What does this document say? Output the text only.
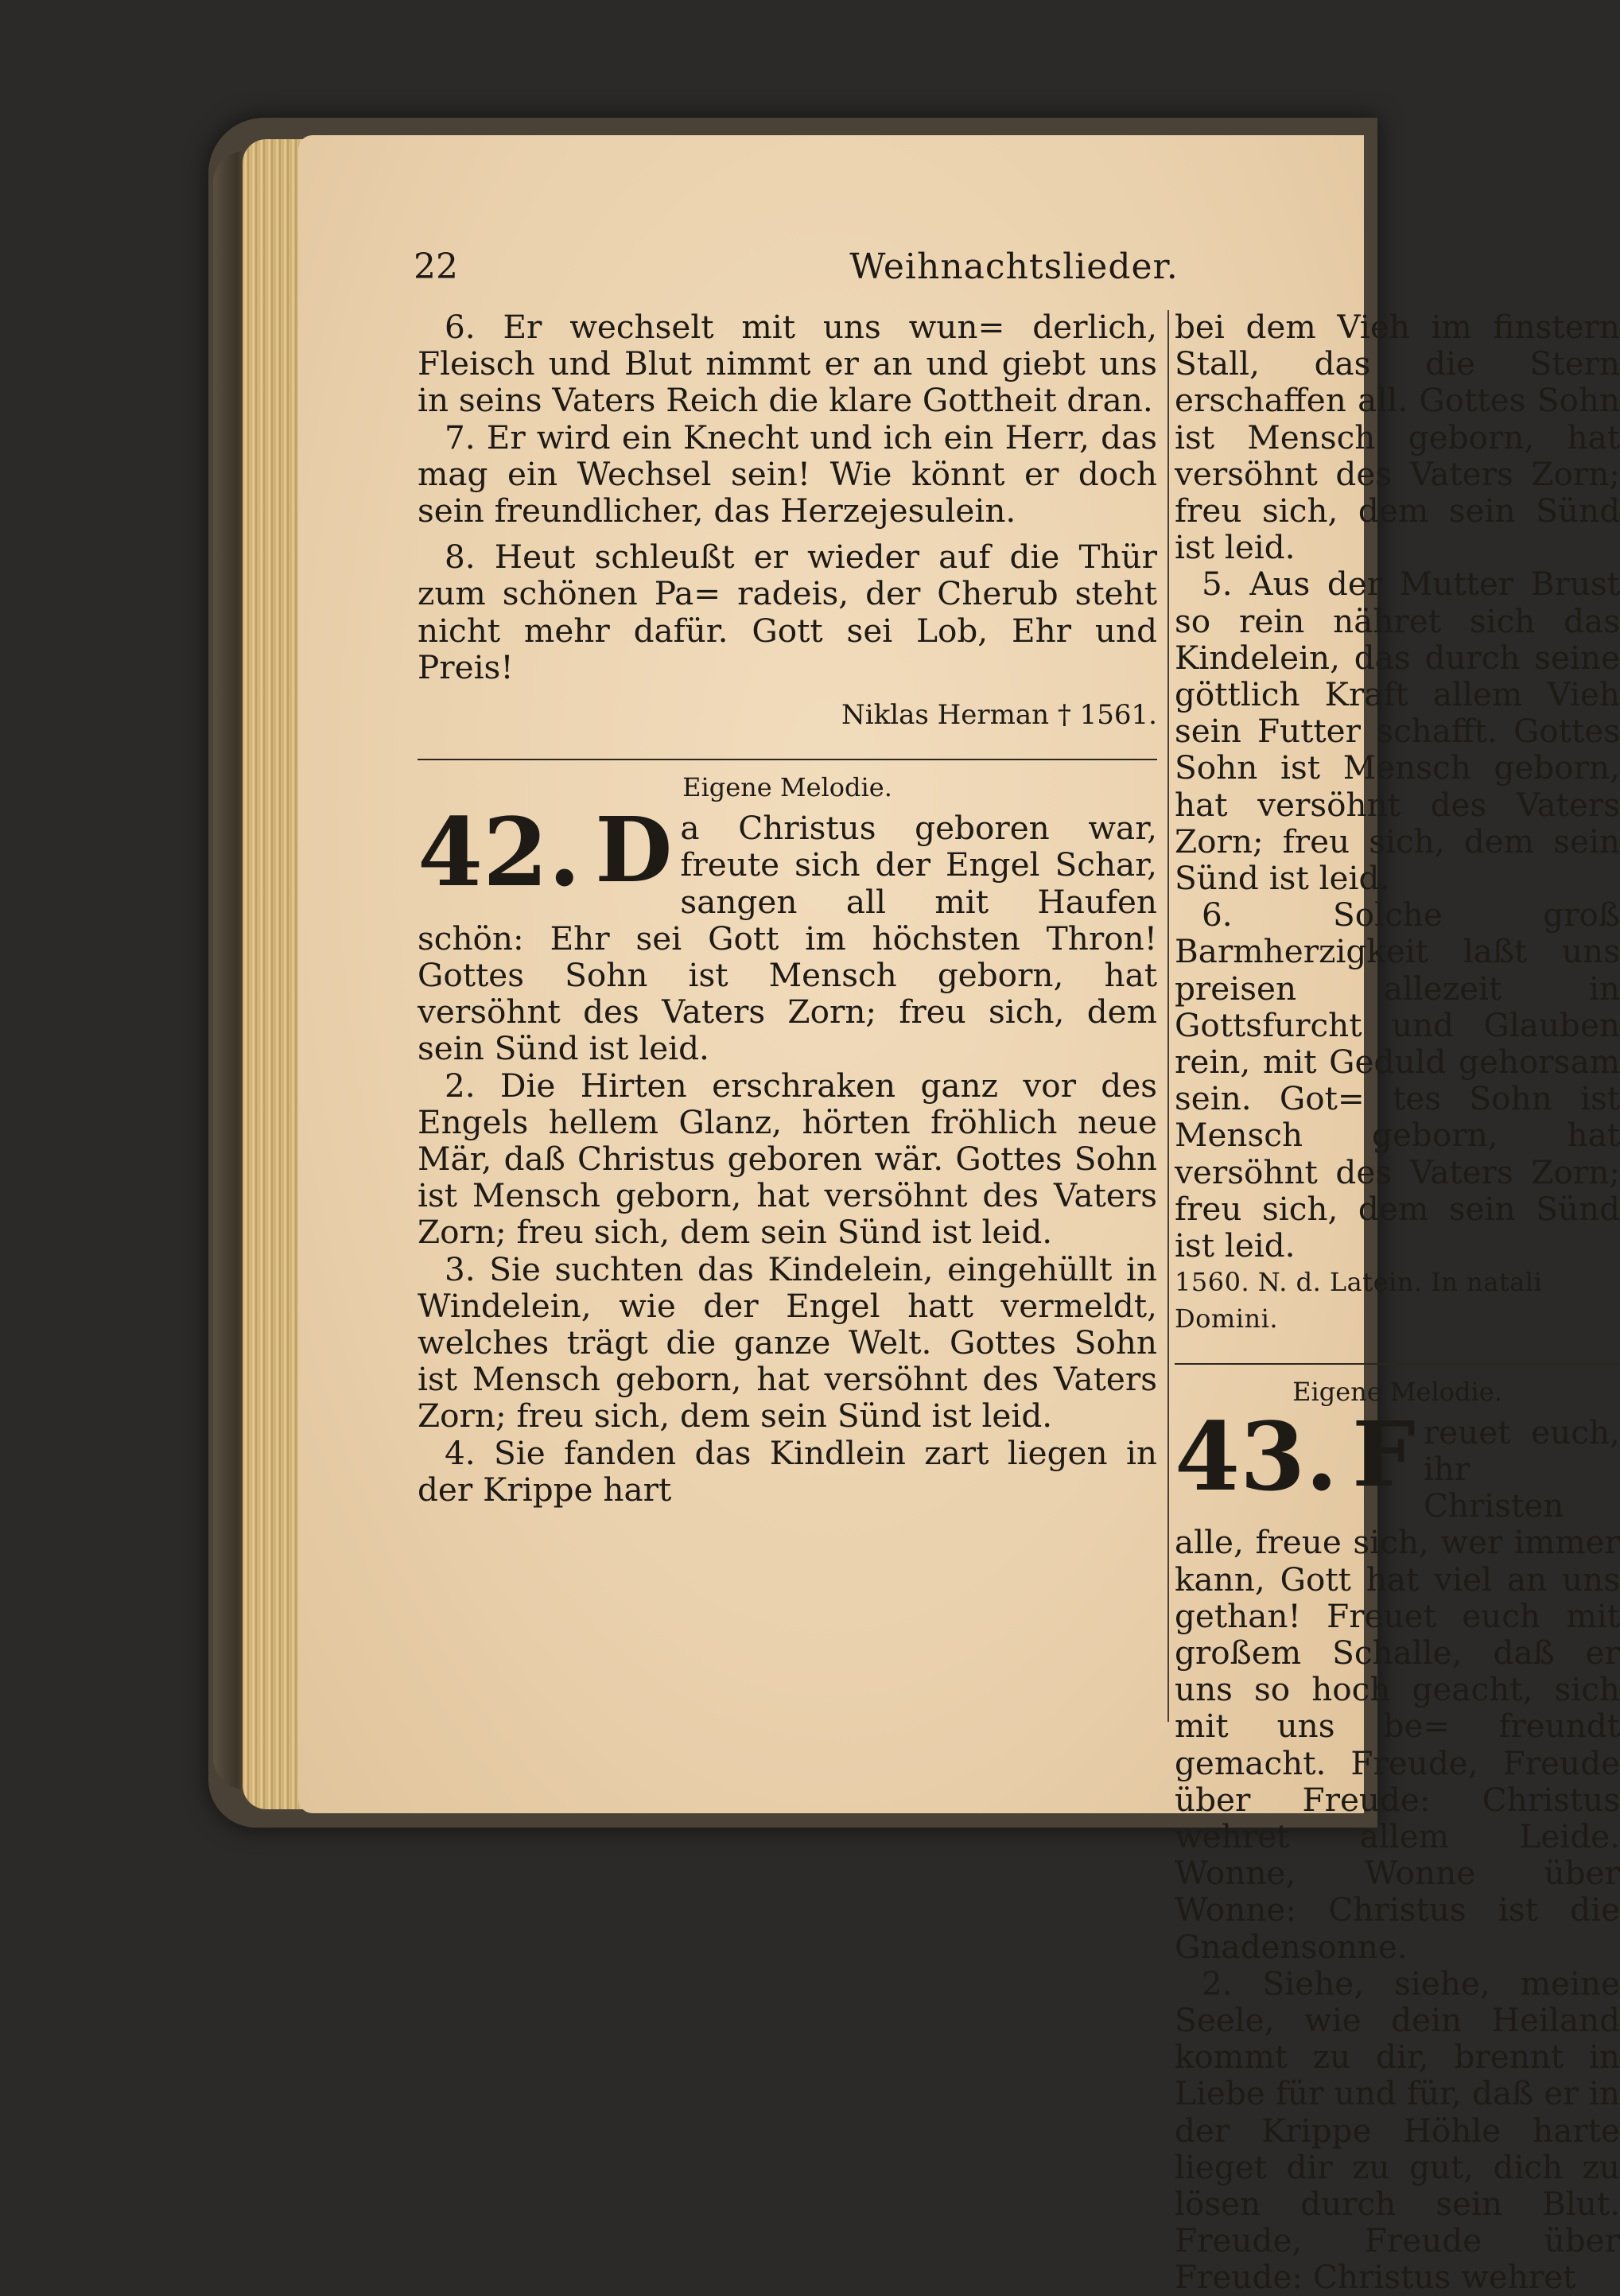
22	Weihnachtslieder.

6. Er wechselt mit uns wun= derlich, Fleisch und Blut nimmt er an und giebt uns in seins Vaters Reich die klare Gottheit dran.

7. Er wird ein Knecht und ich ein Herr, das mag ein Wechsel sein! Wie könnt er doch sein freundlicher, das Herzejesulein.

8. Heut schleußt er wieder auf die Thür zum schönen Pa= radeis, der Cherub steht nicht mehr dafür. Gott sei Lob, Ehr und Preis!

Niklas Herman † 1561.

Eigene Melodie.

42. D a Christus geboren war, freute sich der Engel Schar, sangen all mit Haufen schön: Ehr sei Gott im höchsten Thron! Gottes Sohn ist Mensch geborn, hat versöhnt des Vaters Zorn; freu sich, dem sein Sünd ist leid.

2. Die Hirten erschraken ganz vor des Engels hellem Glanz, hörten fröhlich neue Mär, daß Christus geboren wär. Gottes Sohn ist Mensch geborn, hat versöhnt des Vaters Zorn; freu sich, dem sein Sünd ist leid.

3. Sie suchten das Kindelein, eingehüllt in Windelein, wie der Engel hatt vermeldt, welches trägt die ganze Welt. Gottes Sohn ist Mensch geborn, hat versöhnt des Vaters Zorn; freu sich, dem sein Sünd ist leid.

4. Sie fanden das Kindlein zart liegen in der Krippe hart

bei dem Vieh im finstern Stall, das die Stern erschaffen all. Gottes Sohn ist Mensch geborn, hat versöhnt des Vaters Zorn; freu sich, dem sein Sünd ist leid.

5. Aus der Mutter Brust so rein nähret sich das Kindelein, das durch seine göttlich Kraft allem Vieh sein Futter schafft. Gottes Sohn ist Mensch geborn, hat versöhnt des Vaters Zorn; freu sich, dem sein Sünd ist leid.

6. Solche groß Barmherzigkeit laßt uns preisen allezeit in Gottsfurcht und Glauben rein, mit Geduld gehorsam sein. Got= tes Sohn ist Mensch geborn, hat versöhnt des Vaters Zorn; freu sich, dem sein Sünd ist leid.

1560. N. d. Latein. In natali Domini.

Eigene Melodie.

43. F reuet euch, ihr Christen alle, freue sich, wer immer kann, Gott hat viel an uns gethan! Freuet euch mit großem Schalle, daß er uns so hoch geacht, sich mit uns be= freundt gemacht. Freude, Freude über Freude: Christus wehret allem Leide. Wonne, Wonne über Wonne: Christus ist die Gnadensonne.

2. Siehe, siehe, meine Seele, wie dein Heiland kommt zu dir, brennt in Liebe für und für, daß er in der Krippe Höhle harte lieget dir zu gut, dich zu lösen durch sein Blut. Freude, Freude über Freude: Christus wehret
